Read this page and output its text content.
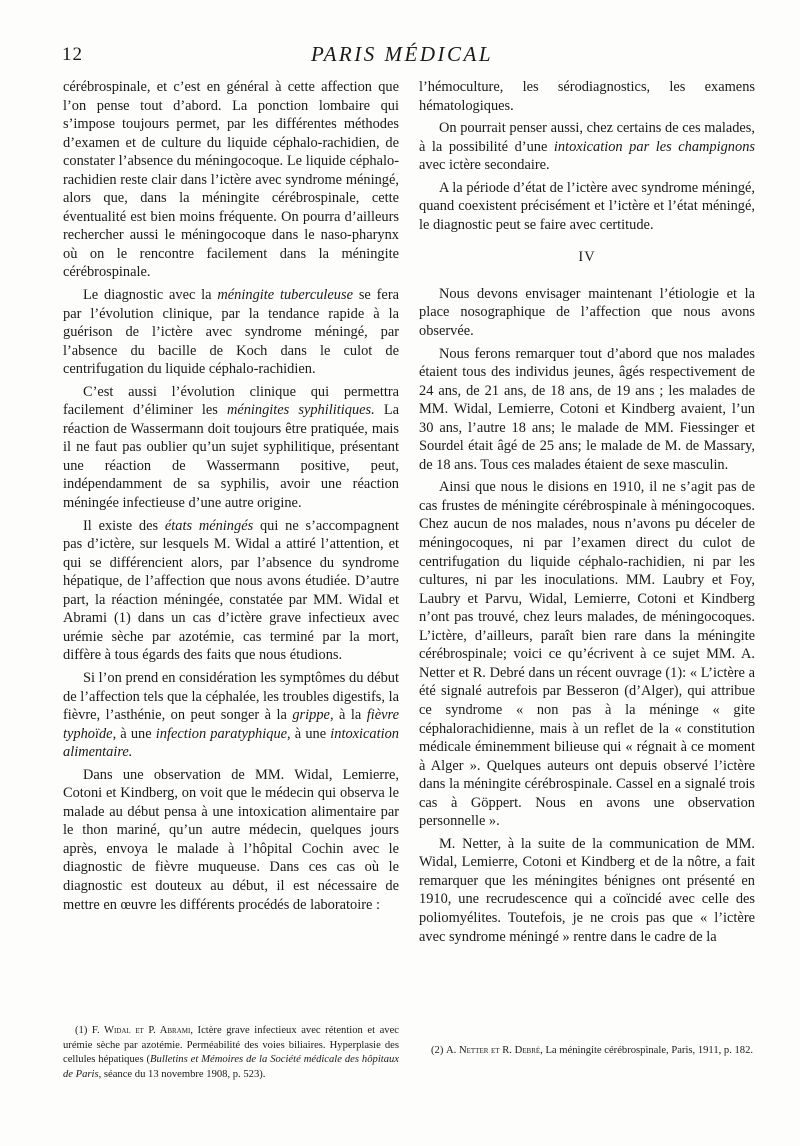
12	PARIS MÉDICAL

cérébrospinale, et c’est en général à cette affection que l’on pense tout d’abord. La ponction lombaire qui s’impose toujours permet, par les différentes méthodes d’examen et de culture du liquide céphalo-rachidien, de constater l’absence du méningocoque. Le liquide céphalo-rachidien reste clair dans l’ictère avec syndrome méningé, alors que, dans la méningite cérébrospinale, cette éventualité est bien moins fréquente. On pourra d’ailleurs rechercher aussi le méningocoque dans le naso-pharynx où on le rencontre facilement dans la méningite cérébrospinale.

Le diagnostic avec la méningite tuberculeuse se fera par l’évolution clinique, par la tendance rapide à la guérison de l’ictère avec syndrome méningé, par l’absence du bacille de Koch dans le culot de centrifugation du liquide céphalo-rachidien.

C’est aussi l’évolution clinique qui permettra facilement d’éliminer les méningites syphilitiques. La réaction de Wassermann doit toujours être pratiquée, mais il ne faut pas oublier qu’un sujet syphilitique, présentant une réaction de Wassermann positive, peut, indépendamment de sa syphilis, avoir une réaction méningée infectieuse d’une autre origine.

Il existe des états méningés qui ne s’accompagnent pas d’ictère, sur lesquels M. Widal a attiré l’attention, et qui se différencient alors, par l’absence du syndrome hépatique, de l’affection que nous avons étudiée. D’autre part, la réaction méningée, constatée par MM. Widal et Abrami (1) dans un cas d’ictère grave infectieux avec urémie sèche par azotémie, cas terminé par la mort, diffère à tous égards des faits que nous étudions.

Si l’on prend en considération les symptômes du début de l’affection tels que la céphalée, les troubles digestifs, la fièvre, l’asthénie, on peut songer à la grippe, à la fièvre typhoïde, à une infection paratyphique, à une intoxication alimentaire.

Dans une observation de MM. Widal, Lemierre, Cotoni et Kindberg, on voit que le médecin qui observa le malade au début pensa à une intoxication alimentaire par le thon mariné, qu’un autre médecin, quelques jours après, envoya le malade à l’hôpital Cochin avec le diagnostic de fièvre muqueuse. Dans ces cas où le diagnostic est douteux au début, il est nécessaire de mettre en œuvre les différents procédés de laboratoire :

l’hémoculture, les sérodiagnostics, les examens hématologiques.

On pourrait penser aussi, chez certains de ces malades, à la possibilité d’une intoxication par les champignons avec ictère secondaire.

A la période d’état de l’ictère avec syndrome méningé, quand coexistent précisément et l’ictère et l’état méningé, le diagnostic peut se faire avec certitude.

IV

Nous devons envisager maintenant l’étiologie et la place nosographique de l’affection que nous avons observée.

Nous ferons remarquer tout d’abord que nos malades étaient tous des individus jeunes, âgés respectivement de 24 ans, de 21 ans, de 18 ans, de 19 ans ; les malades de MM. Widal, Lemierre, Cotoni et Kindberg avaient, l’un 30 ans, l’autre 18 ans; le malade de MM. Fiessinger et Sourdel était âgé de 25 ans; le malade de M. de Massary, de 18 ans. Tous ces malades étaient de sexe masculin.

Ainsi que nous le disions en 1910, il ne s’agit pas de cas frustes de méningite cérébrospinale à méningocoques. Chez aucun de nos malades, nous n’avons pu déceler de méningocoques, ni par l’examen direct du culot de centrifugation du liquide céphalo-rachidien, ni par les cultures, ni par les inoculations. MM. Laubry et Foy, Laubry et Parvu, Widal, Lemierre, Cotoni et Kindberg n’ont pas trouvé, chez leurs malades, de méningocoques. L’ictère, d’ailleurs, paraît bien rare dans la méningite cérébrospinale; voici ce qu’écrivent à ce sujet MM. A. Netter et R. Debré dans un récent ouvrage (1): « L’ictère a été signalé autrefois par Besseron (d’Alger), qui attribue ce syndrome « non pas à la méninge « gite céphalorachidienne, mais à un reflet de la « constitution médicale éminemment bilieuse qui « régnait à ce moment à Alger ». Quelques auteurs ont depuis observé l’ictère dans la méningite cérébrospinale. Cassel en a signalé trois cas à Göppert. Nous en avons une observation personnelle ».

M. Netter, à la suite de la communication de MM. Widal, Lemierre, Cotoni et Kindberg et de la nôtre, a fait remarquer que les méningites bénignes ont présenté en 1910, une recrudescence qui a coïncidé avec celle des poliomyélites. Toutefois, je ne crois pas que « l’ictère avec syndrome méningé » rentre dans le cadre de la

(1) F. Widal et P. Abrami, Ictère grave infectieux avec rétention et avec urémie sèche par azotémie. Perméabilité des voies biliaires. Hyperplasie des cellules hépatiques (Bulletins et Mémoires de la Société médicale des hôpitaux de Paris, séance du 13 novembre 1908, p. 523).

(2) A. Netter et R. Debré, La méningite cérébrospinale, Paris, 1911, p. 182.
